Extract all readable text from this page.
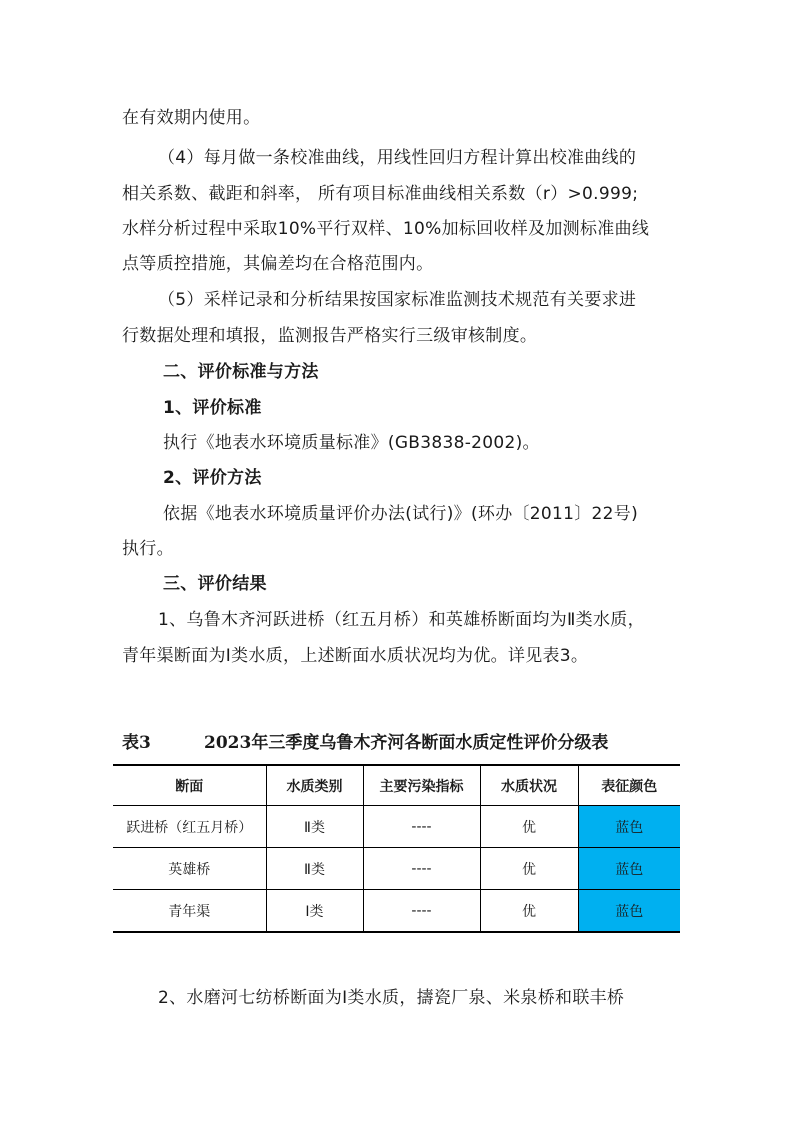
在有效期内使用。
（4）每月做一条校准曲线，用线性回归方程计算出校准曲线的
相关系数、截距和斜率， 所有项目标准曲线相关系数（r）>0.999;
水样分析过程中采取10%平行双样、10%加标回收样及加测标准曲线
点等质控措施，其偏差均在合格范围内。
（5）采样记录和分析结果按国家标准监测技术规范有关要求进
行数据处理和填报，监测报告严格实行三级审核制度。
二、评价标准与方法
1、评价标准
执行《地表水环境质量标准》(GB3838-2002)。
2、评价方法
依据《地表水环境质量评价办法(试行)》(环办〔2011〕22号)
执行。
三、评价结果
1、乌鲁木齐河跃进桥（红五月桥）和英雄桥断面均为Ⅱ类水质，
青年渠断面为Ⅰ类水质，上述断面水质状况均为优。详见表3。
表3	2023年三季度乌鲁木齐河各断面水质定性评价分级表
断面	水质类别	主要污染指标	水质状况	表征颜色
跃进桥（红五月桥）	Ⅱ类	----	优	蓝色
英雄桥	Ⅱ类	----	优	蓝色
青年渠	Ⅰ类	----	优	蓝色
2、水磨河七纺桥断面为Ⅰ类水质，擣瓷厂泉、米泉桥和联丰桥
